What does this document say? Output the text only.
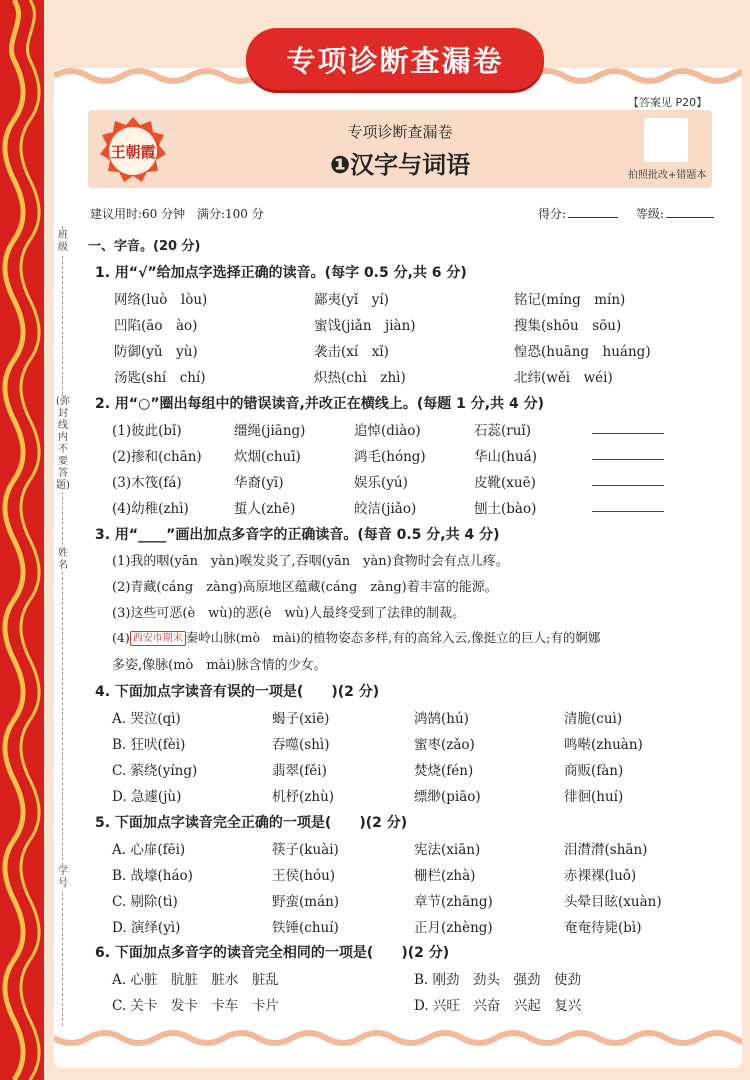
专项诊断查漏卷
【答案见 P20】
王朝霞
专项诊断查漏卷
❶汉字与词语	拍照批改+错题本
建议用时:60 分钟 满分:100 分	得分:	等级:
班级
(弥封线内不要答题)
姓名
学号
一、字音。(20 分)
1. 用“√”给加点字选择正确的读音。(每字 0.5 分,共 6 分)
网络(luò　lòu)	鄙夷(yǐ　yí)	铭记(míng　mín)
凹陷(āo　ào)	蜜饯(jiǎn　jiàn)	搜集(shōu　sōu)
防御(yǔ　yù)	袭击(xí　xǐ)	惶恐(huāng　huáng)
汤匙(shí　chí)	炽热(chì　zhì)	北纬(wěi　wéi)
2. 用“○”圈出每组中的错误读音,并改正在横线上。(每题 1 分,共 4 分)
(1)彼此(bǐ)	缰绳(jiāng)	追悼(diào)	石蕊(ruǐ)
(2)掺和(chān) 炊烟(chuī)	鸿毛(hóng)	华山(huá)
(3)木筏(fá)	华裔(yī)	娱乐(yú)	皮靴(xuē)
(4)幼稚(zhì)	蜇人(zhē)	皎洁(jiǎo)	刨土(bào)
3. 用“____”画出加点多音字的正确读音。(每音 0.5 分,共 4 分)
(1)我的咽(yān　yàn)喉发炎了,吞咽(yān　yàn)食物时会有点儿疼。
(2)青藏(cáng　zàng)高原地区蕴藏(cáng　zàng)着丰富的能源。
(3)这些可恶(è　wù)的恶(è　wù)人最终受到了法律的制裁。
(4) 西安市期末 秦岭山脉(mò　mài)的植物姿态多样,有的高耸入云,像挺立的巨人;有的婀娜
多姿,像脉(mò　mài)脉含情的少女。
4. 下面加点字读音有误的一项是(　　)(2 分)
A. 哭泣(qì)	蝎子(xiē)	鸿鹄(hú)	清脆(cuì)
B. 狂吠(fèi)	吞噬(shì)	蜜枣(zǎo)	鸣啭(zhuàn)
C. 萦绕(yíng)	翡翠(fěi)	焚烧(fén)	商贩(fàn)
D. 急遽(jù)	机杼(zhù)	缥缈(piāo)	徘徊(huí)
5. 下面加点字读音完全正确的一项是(　　)(2 分)
A. 心扉(fēi)	筷子(kuài)	宪法(xiān)	泪潸潸(shān)
B. 战壕(háo)	王侯(hóu)	栅栏(zhà)	赤裸裸(luǒ)
C. 剔除(tì)	野蛮(mán)	章节(zhāng)	头晕目眩(xuàn)
D. 演绎(yì)	铁锤(chuí)	正月(zhèng)	奄奄待毙(bì)
6. 下面加点多音字的读音完全相同的一项是(　　)(2 分)
A. 心脏　肮脏　脏水　脏乱	B. 刚劲　劲头　强劲　使劲
C. 关卡　发卡　卡车　卡片	D. 兴旺　兴奋　兴起　复兴
